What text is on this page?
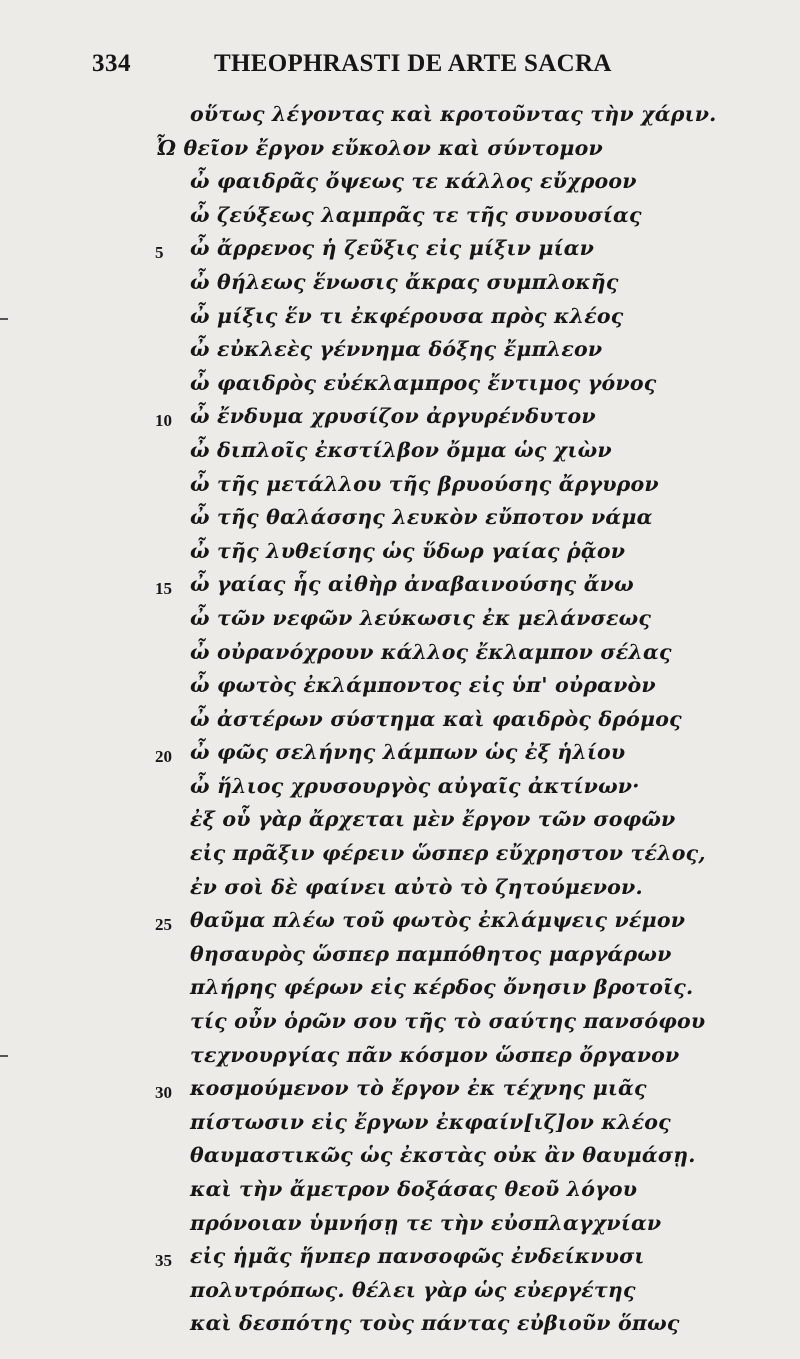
334	THEOPHRASTI DE ARTE SACRA
οὕτως λέγοντας καὶ κροτοῦντας τὴν χάριν.
Ὦ θεῖον ἔργον εὔκολον καὶ σύντομον
ὦ φαιδρᾶς ὄψεως τε κάλλος εὔχροον
ὦ ζεύξεως λαμπρᾶς τε τῆς συνουσίας
5 ὦ ἄρρενος ἡ ζεῦξις εἰς μίξιν μίαν
ὦ θήλεως ἕνωσις ἄκρας συμπλοκῆς
ὦ μίξις ἕν τι ἐκφέρουσα πρὸς κλέος
ὦ εὐκλεὲς γέννημα δόξης ἔμπλεον
ὦ φαιδρὸς εὐέκλαμπρος ἔντιμος γόνος
10 ὦ ἔνδυμα χρυσίζον ἀργυρένδυτον
ὦ διπλοῖς ἐκστίλβον ὄμμα ὡς χιὼν
ὦ τῆς μετάλλου τῆς βρυούσης ἄργυρον
ὦ τῆς θαλάσσης λευκὸν εὔποτον νάμα
ὦ τῆς λυθείσης ὡς ὕδωρ γαίας ῥᾷον
15 ὦ γαίας ἧς αἰθὴρ ἀναβαινούσης ἄνω
ὦ τῶν νεφῶν λεύκωσις ἐκ μελάνσεως
ὦ οὐρανόχρουν κάλλος ἔκλαμπον σέλας
ὦ φωτὸς ἐκλάμποντος εἰς ὑπ' οὐρανὸν
ὦ ἀστέρων σύστημα καὶ φαιδρὸς δρόμος
20 ὦ φῶς σελήνης λάμπων ὡς ἐξ ἡλίου
ὦ ἥλιος χρυσουργὸς αὐγαῖς ἀκτίνων·
ἐξ οὗ γὰρ ἄρχεται μὲν ἔργον τῶν σοφῶν
εἰς πρᾶξιν φέρειν ὥσπερ εὔχρηστον τέλος,
ἐν σοὶ δὲ φαίνει αὐτὸ τὸ ζητούμενον.
25 θαῦμα πλέω τοῦ φωτὸς ἐκλάμψεις νέμον
θησαυρὸς ὥσπερ παμπόθητος μαργάρων
πλήρης φέρων εἰς κέρδος ὄνησιν βροτοῖς.
τίς οὖν ὁρῶν σου τῆς τὸ σαύτης πανσόφου
τεχνουργίας πᾶν κόσμον ὥσπερ ὄργανον
30 κοσμούμενον τὸ ἔργον ἐκ τέχνης μιᾶς
πίστωσιν εἰς ἔργων ἐκφαίν[ιζ]ον κλέος
θαυμαστικῶς ὡς ἐκστὰς οὐκ ἂν θαυμάσῃ.
καὶ τὴν ἄμετρον δοξάσας θεοῦ λόγου
πρόνοιαν ὑμνήσῃ τε τὴν εὐσπλαγχνίαν
35 εἰς ἡμᾶς ἥνπερ πανσοφῶς ἐνδείκνυσι
πολυτρόπως. θέλει γὰρ ὡς εὐεργέτης
καὶ δεσπότης τοὺς πάντας εὐβιοῦν ὅπως
